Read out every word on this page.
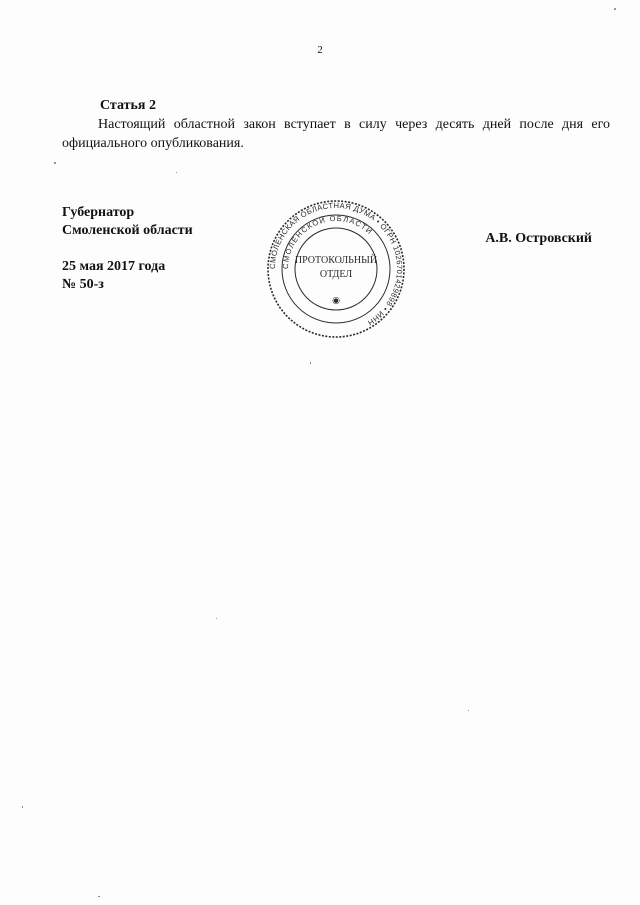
2
Статья 2
Настоящий областной закон вступает в силу через десять дней после дня его
официального опубликования.
Губернатор
Смоленской области
25 мая 2017 года
№ 50-з
А.В. Островский
СМОЛЕНСКАЯ ОБЛАСТНАЯ ДУМА • ОГРН 1026701429898 • ИНН
СМОЛЕНСКОЙ ОБЛАСТИ
ПРОТОКОЛЬНЫЙ
ОТДЕЛ
◉
